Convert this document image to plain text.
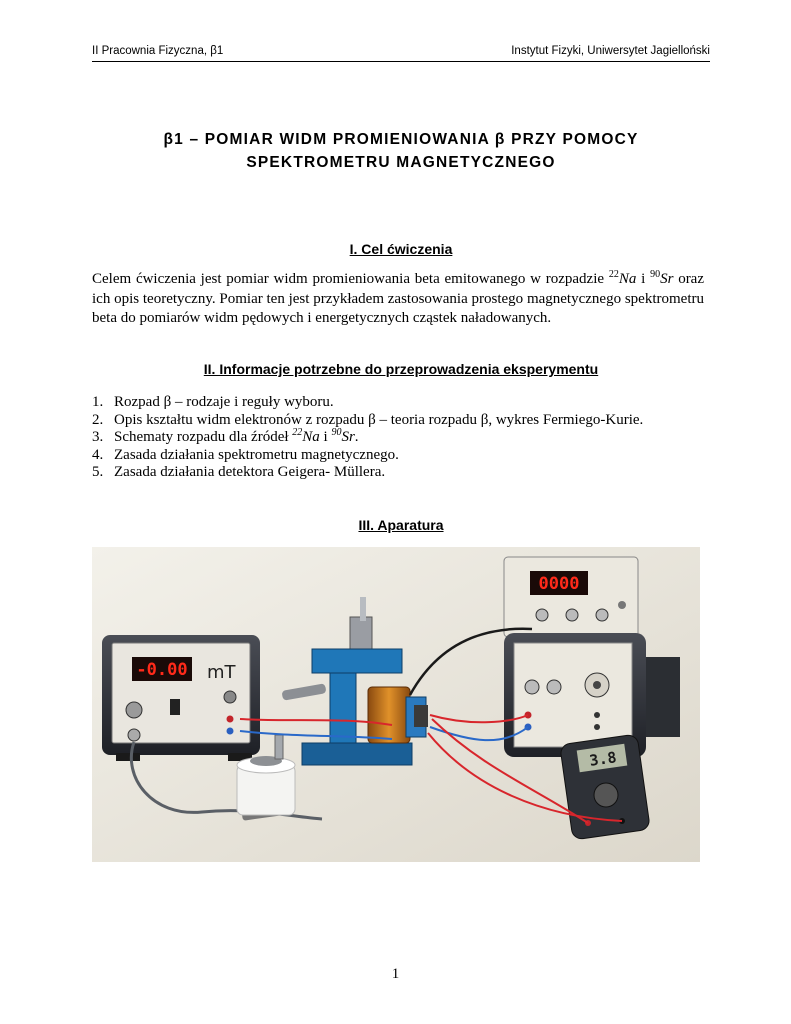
II Pracownia Fizyczna, β1	Instytut Fizyki, Uniwersytet Jagielloński
β1 – POMIAR WIDM PROMIENIOWANIA β PRZY POMOCY
SPEKTROMETRU MAGNETYCZNEGO
I. Cel ćwiczenia
Celem ćwiczenia jest pomiar widm promieniowania beta emitowanego w rozpadzie $^{22}$Na i $^{90}$Sr oraz ich opis teoretyczny. Pomiar ten jest przykładem zastosowania prostego magnetycznego spektrometru beta do pomiarów widm pędowych i energetycznych cząstek naładowanych.
II. Informacje potrzebne do przeprowadzenia eksperymentu
1. Rozpad β – rodzaje i reguły wyboru.
2. Opis kształtu widm elektronów z rozpadu β – teoria rozpadu β, wykres Fermiego-Kurie.
3. Schematy rozpadu dla źródeł $^{22}$Na i $^{90}$Sr.
4. Zasada działania spektrometru magnetycznego.
5. Zasada działania detektora Geigera- Müllera.
III. Aparatura
-0.00 mT
0000
3.8
1
